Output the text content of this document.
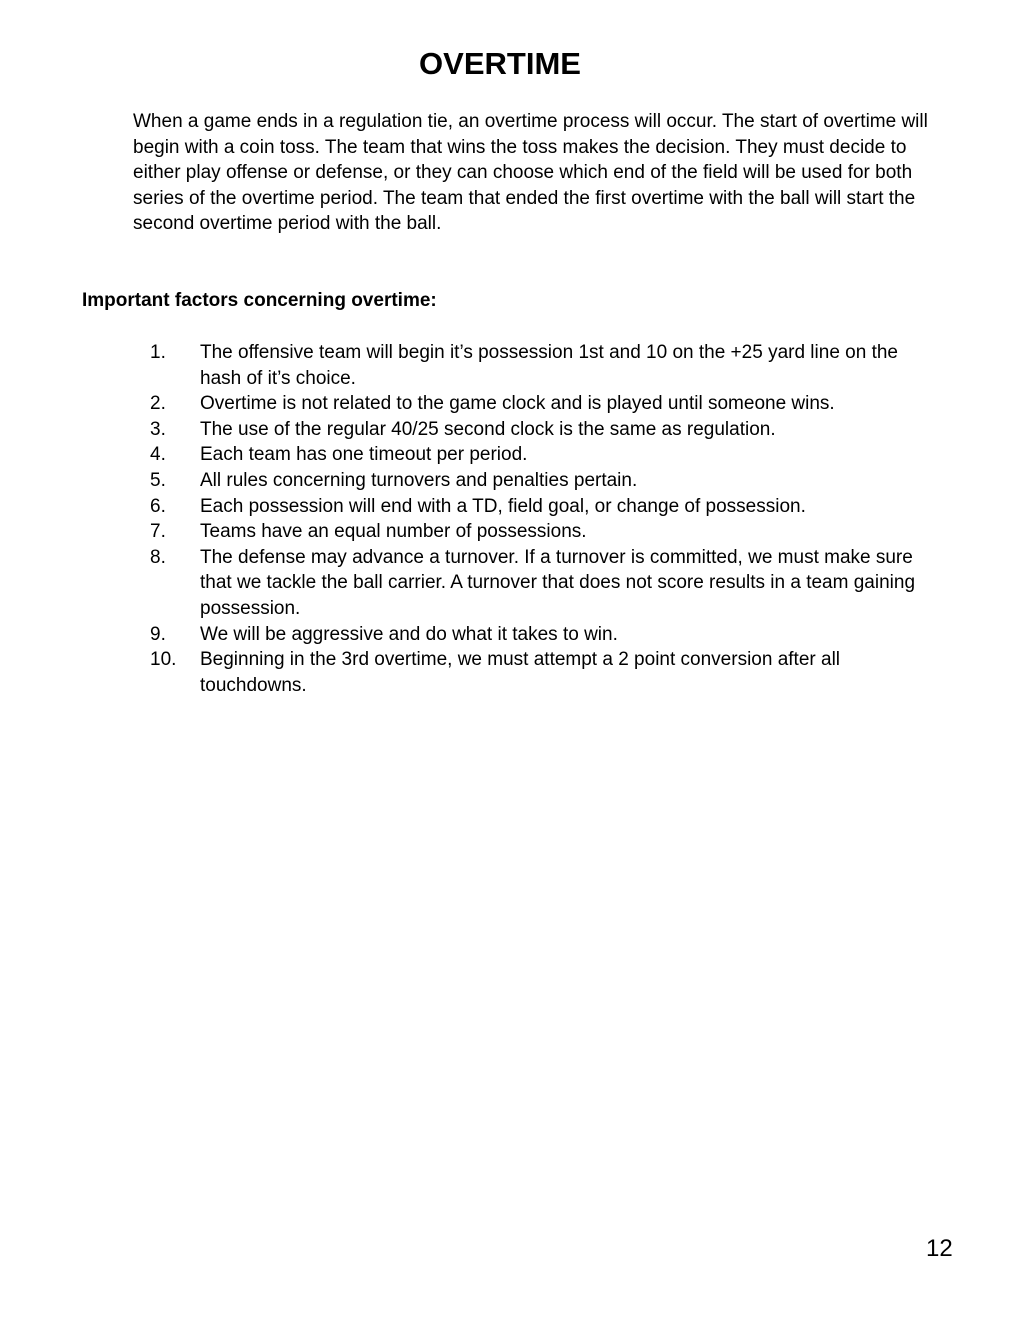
OVERTIME

When a game ends in a regulation tie, an overtime process will occur. The start of overtime will begin with a coin toss. The team that wins the toss makes the decision. They must decide to either play offense or defense, or they can choose which end of the field will be used for both series of the overtime period. The team that ended the first overtime with the ball will start the second overtime period with the ball.

Important factors concerning overtime:

1. The offensive team will begin it’s possession 1st and 10 on the +25 yard line on the hash of it’s choice.
2. Overtime is not related to the game clock and is played until someone wins.
3. The use of the regular 40/25 second clock is the same as regulation.
4. Each team has one timeout per period.
5. All rules concerning turnovers and penalties pertain.
6. Each possession will end with a TD, field goal, or change of possession.
7. Teams have an equal number of possessions.
8. The defense may advance a turnover. If a turnover is committed, we must make sure that we tackle the ball carrier. A turnover that does not score results in a team gaining possession.
9. We will be aggressive and do what it takes to win.
10. Beginning in the 3rd overtime, we must attempt a 2 point conversion after all touchdowns.

12
